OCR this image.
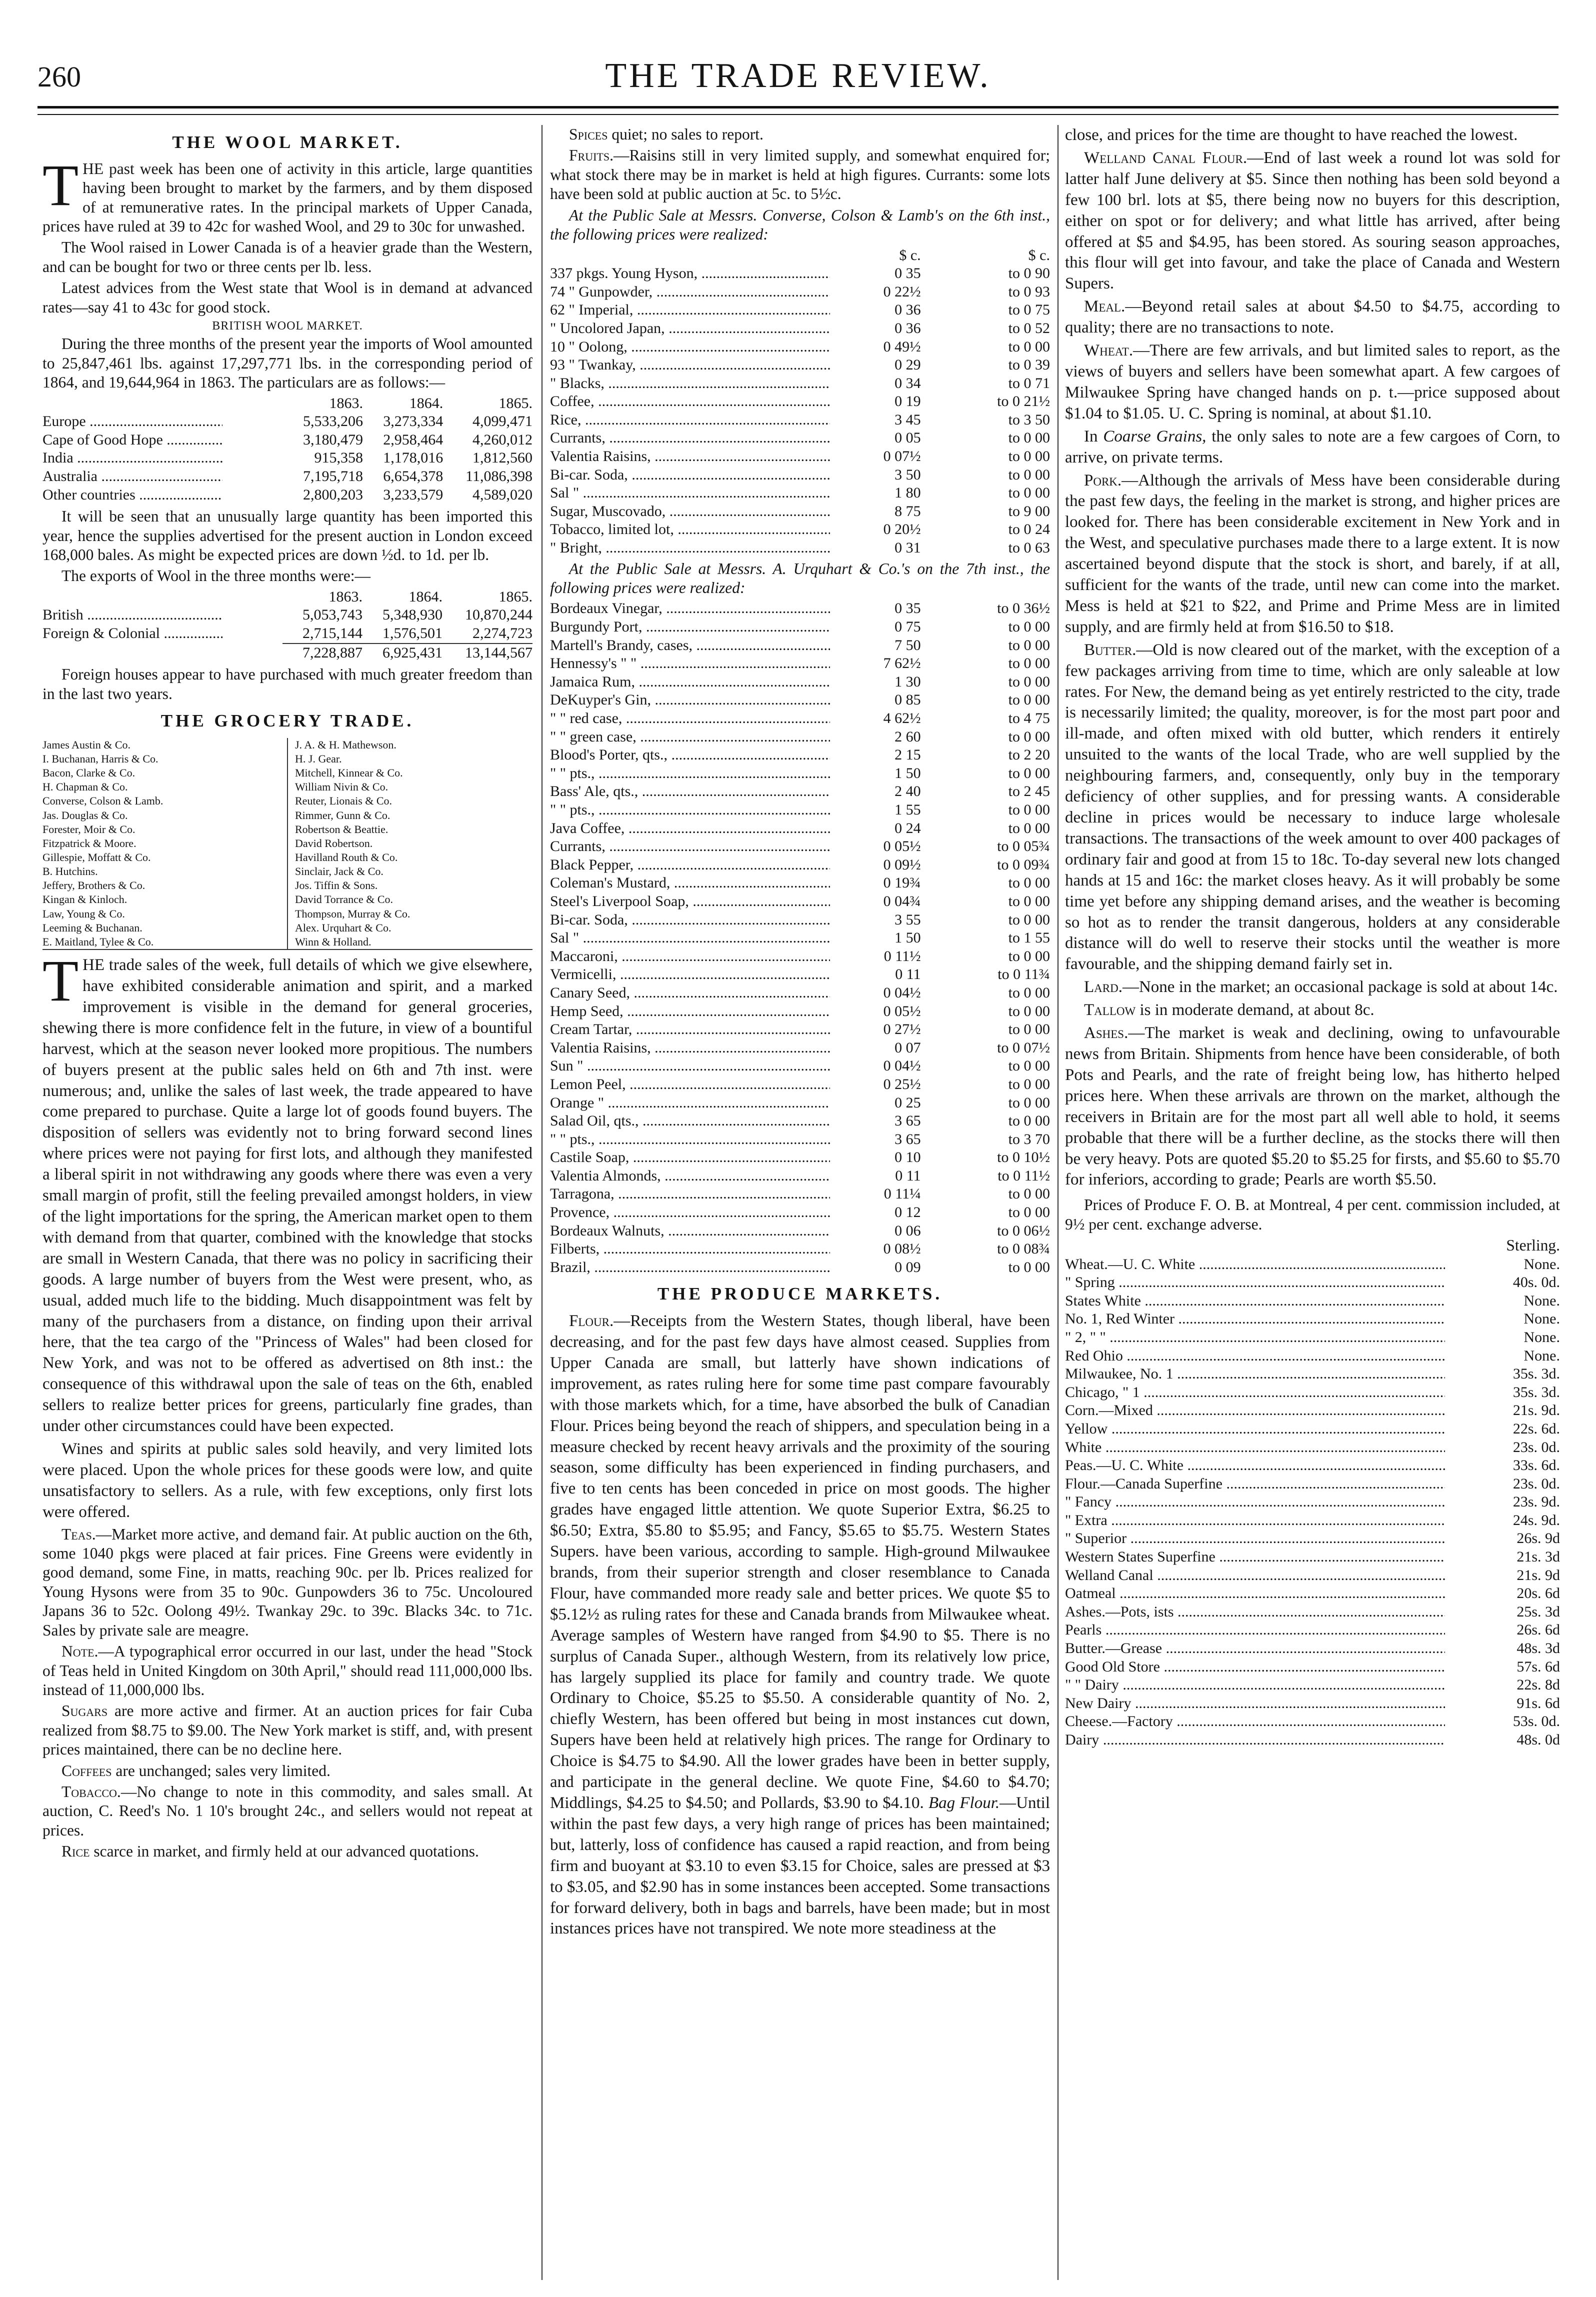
260	THE TRADE REVIEW.
THE WOOL MARKET.

THE past week has been one of activity in this article, large quantities having been brought to market by the farmers, and by them disposed of at remunerative rates. In the principal markets of Upper Canada, prices have ruled at 39 to 42c for washed Wool, and 29 to 30c for unwashed.

The Wool raised in Lower Canada is of a heavier grade than the Western, and can be bought for two or three cents per lb. less.

Latest advices from the West state that Wool is in demand at advanced rates—say 41 to 43c for good stock.

BRITISH WOOL MARKET.

During the three months of the present year the imports of Wool amounted to 25,847,461 lbs. against 17,297,771 lbs. in the corresponding period of 1864, and 19,644,964 in 1863. The particulars are as follows:—

	1863.	1864.	1865.

Europe .....	5,533,206	3,273,334	4,099,471

Cape of Good Hope .....	3,180,479	2,958,464	4,260,012

India .....	915,358	1,178,016	1,812,560

Australia .....	7,195,718	6,654,378	11,086,398

Other countries .....	2,800,203	3,233,579	4,589,020

It will be seen that an unusually large quantity has been imported this year, hence the supplies advertised for the present auction in London exceed 168,000 bales. As might be expected prices are down ½d. to 1d. per lb.

The exports of Wool in the three months were:—

	1863.	1864.	1865.

British .....	5,053,743	5,348,930	10,870,244

Foreign & Colonial .....	2,715,144	1,576,501	2,274,723
	7,228,887	6,925,431	13,144,567

Foreign houses appear to have purchased with much greater freedom than in the last two years.

THE GROCERY TRADE.
James Austin & Co.	J. A. & H. Mathewson.
I. Buchanan, Harris & Co.	H. J. Gear.
Bacon, Clarke & Co.	Mitchell, Kinnear & Co.
H. Chapman & Co.	William Nivin & Co.
Converse, Colson & Lamb.	Reuter, Lionais & Co.
Jas. Douglas & Co.	Rimmer, Gunn & Co.
Forester, Moir & Co.	Robertson & Beattie.
Fitzpatrick & Moore.	David Robertson.
Gillespie, Moffatt & Co.	Havilland Routh & Co.
B. Hutchins.	Sinclair, Jack & Co.
Jeffery, Brothers & Co.	Jos. Tiffin & Sons.
Kingan & Kinloch.	David Torrance & Co.
Law, Young & Co.	Thompson, Murray & Co.
Leeming & Buchanan.	Alex. Urquhart & Co.
E. Maitland, Tylee & Co.	Winn & Holland.

THE trade sales of the week, full details of which we give elsewhere, have exhibited considerable animation and spirit, and a marked improvement is visible in the demand for general groceries, shewing there is more confidence felt in the future, in view of a bountiful harvest, which at the season never looked more propitious. The numbers of buyers present at the public sales held on 6th and 7th inst. were numerous; and, unlike the sales of last week, the trade appeared to have come prepared to purchase. Quite a large lot of goods found buyers. The disposition of sellers was evidently not to bring forward second lines where prices were not paying for first lots, and although they manifested a liberal spirit in not withdrawing any goods where there was even a very small margin of profit, still the feeling prevailed amongst holders, in view of the light importations for the spring, the American market open to them with demand from that quarter, combined with the knowledge that stocks are small in Western Canada, that there was no policy in sacrificing their goods. A large number of buyers from the West were present, who, as usual, added much life to the bidding. Much disappointment was felt by many of the purchasers from a distance, on finding upon their arrival here, that the tea cargo of the "Princess of Wales" had been closed for New York, and was not to be offered as advertised on 8th inst.: the consequence of this withdrawal upon the sale of teas on the 6th, enabled sellers to realize better prices for greens, particularly fine grades, than under other circumstances could have been expected.

Wines and spirits at public sales sold heavily, and very limited lots were placed. Upon the whole prices for these goods were low, and quite unsatisfactory to sellers. As a rule, with few exceptions, only first lots were offered.

Teas.—Market more active, and demand fair. At public auction on the 6th, some 1040 pkgs were placed at fair prices. Fine Greens were evidently in good demand, some Fine, in matts, reaching 90c. per lb. Prices realized for Young Hysons were from 35 to 90c. Gunpowders 36 to 75c. Uncoloured Japans 36 to 52c. Oolong 49½. Twankay 29c. to 39c. Blacks 34c. to 71c. Sales by private sale are meagre.

Note.—A typographical error occurred in our last, under the head "Stock of Teas held in United Kingdom on 30th April," should read 111,000,000 lbs. instead of 11,000,000 lbs.

Sugars are more active and firmer. At an auction prices for fair Cuba realized from $8.75 to $9.00. The New York market is stiff, and, with present prices maintained, there can be no decline here.

Coffees are unchanged; sales very limited.

Tobacco.—No change to note in this commodity, and sales small. At auction, C. Reed's No. 1 10's brought 24c., and sellers would not repeat at prices.

Rice scarce in market, and firmly held at our advanced quotations.

Spices quiet; no sales to report.

Fruits.—Raisins still in very limited supply, and somewhat enquired for; what stock there may be in market is held at high figures. Currants: some lots have been sold at public auction at 5c. to 5½c.

At the Public Sale at Messrs. Converse, Colson & Lamb's on the 6th inst., the following prices were realized:

	$ c.	$ c.

337 pkgs. Young Hyson, .....	0 35	to 0 90

74 " Gunpowder, .....	0 22½	to 0 93

62 " Imperial, .....	0 36	to 0 75

" Uncolored Japan, .....	0 36	to 0 52

10 " Oolong, .....	0 49½	to 0 00

93 " Twankay, .....	0 29	to 0 39

" Blacks, .....	0 34	to 0 71

Coffee, .....	0 19	to 0 21½

Rice, .....	3 45	to 3 50

Currants, .....	0 05	to 0 00

Valentia Raisins, .....	0 07½	to 0 00

Bi-car. Soda, .....	3 50	to 0 00

Sal " .....	1 80	to 0 00

Sugar, Muscovado, .....	8 75	to 9 00

Tobacco, limited lot, .....	0 20½	to 0 24

" Bright, .....	0 31	to 0 63

At the Public Sale at Messrs. A. Urquhart & Co.'s on the 7th inst., the following prices were realized:

Bordeaux Vinegar, .....	0 35	to 0 36½

Burgundy Port, .....	0 75	to 0 00

Martell's Brandy, cases, .....	7 50	to 0 00

Hennessy's " " .....	7 62½	to 0 00

Jamaica Rum, .....	1 30	to 0 00

DeKuyper's Gin, .....	0 85	to 0 00

" " red case, .....	4 62½	to 4 75

" " green case, .....	2 60	to 0 00

Blood's Porter, qts., .....	2 15	to 2 20

" " pts., .....	1 50	to 0 00

Bass' Ale, qts., .....	2 40	to 2 45

" " pts., .....	1 55	to 0 00

Java Coffee, .....	0 24	to 0 00

Currants, .....	0 05½	to 0 05¾

Black Pepper, .....	0 09½	to 0 09¾

Coleman's Mustard, .....	0 19¾	to 0 00

Steel's Liverpool Soap, .....	0 04¾	to 0 00

Bi-car. Soda, .....	3 55	to 0 00

Sal " .....	1 50	to 1 55

Maccaroni, .....	0 11½	to 0 00

Vermicelli, .....	0 11	to 0 11¾

Canary Seed, .....	0 04½	to 0 00

Hemp Seed, .....	0 05½	to 0 00

Cream Tartar, .....	0 27½	to 0 00

Valentia Raisins, .....	0 07	to 0 07½

Sun " .....	0 04½	to 0 00

Lemon Peel, .....	0 25½	to 0 00

Orange " .....	0 25	to 0 00

Salad Oil, qts., .....	3 65	to 0 00

" " pts., .....	3 65	to 3 70

Castile Soap, .....	0 10	to 0 10½

Valentia Almonds, .....	0 11	to 0 11½

Tarragona, .....	0 11¼	to 0 00

Provence, .....	0 12	to 0 00

Bordeaux Walnuts, .....	0 06	to 0 06½

Filberts, .....	0 08½	to 0 08¾

Brazil, .....	0 09	to 0 00
THE PRODUCE MARKETS.

Flour.—Receipts from the Western States, though liberal, have been decreasing, and for the past few days have almost ceased. Supplies from Upper Canada are small, but latterly have shown indications of improvement, as rates ruling here for some time past compare favourably with those markets which, for a time, have absorbed the bulk of Canadian Flour. Prices being beyond the reach of shippers, and speculation being in a measure checked by recent heavy arrivals and the proximity of the souring season, some difficulty has been experienced in finding purchasers, and five to ten cents has been conceded in price on most goods. The higher grades have engaged little attention. We quote Superior Extra, $6.25 to $6.50; Extra, $5.80 to $5.95; and Fancy, $5.65 to $5.75. Western States Supers. have been various, according to sample. High-ground Milwaukee brands, from their superior strength and closer resemblance to Canada Flour, have commanded more ready sale and better prices. We quote $5 to $5.12½ as ruling rates for these and Canada brands from Milwaukee wheat. Average samples of Western have ranged from $4.90 to $5. There is no surplus of Canada Super., although Western, from its relatively low price, has largely supplied its place for family and country trade. We quote Ordinary to Choice, $5.25 to $5.50. A considerable quantity of No. 2, chiefly Western, has been offered but being in most instances cut down, Supers have been held at relatively high prices. The range for Ordinary to Choice is $4.75 to $4.90. All the lower grades have been in better supply, and participate in the general decline. We quote Fine, $4.60 to $4.70; Middlings, $4.25 to $4.50; and Pollards, $3.90 to $4.10. Bag Flour.—Until within the past few days, a very high range of prices has been maintained; but, latterly, loss of confidence has caused a rapid reaction, and from being firm and buoyant at $3.10 to even $3.15 for Choice, sales are pressed at $3 to $3.05, and $2.90 has in some instances been accepted. Some transactions for forward delivery, both in bags and barrels, have been made; but in most instances prices have not transpired. We note more steadiness at the

close, and prices for the time are thought to have reached the lowest.

Welland Canal Flour.—End of last week a round lot was sold for latter half June delivery at $5. Since then nothing has been sold beyond a few 100 brl. lots at $5, there being now no buyers for this description, either on spot or for delivery; and what little has arrived, after being offered at $5 and $4.95, has been stored. As souring season approaches, this flour will get into favour, and take the place of Canada and Western Supers.

Meal.—Beyond retail sales at about $4.50 to $4.75, according to quality; there are no transactions to note.

Wheat.—There are few arrivals, and but limited sales to report, as the views of buyers and sellers have been somewhat apart. A few cargoes of Milwaukee Spring have changed hands on p. t.—price supposed about $1.04 to $1.05. U. C. Spring is nominal, at about $1.10.

In Coarse Grains, the only sales to note are a few cargoes of Corn, to arrive, on private terms.

Pork.—Although the arrivals of Mess have been considerable during the past few days, the feeling in the market is strong, and higher prices are looked for. There has been considerable excitement in New York and in the West, and speculative purchases made there to a large extent. It is now ascertained beyond dispute that the stock is short, and barely, if at all, sufficient for the wants of the trade, until new can come into the market. Mess is held at $21 to $22, and Prime and Prime Mess are in limited supply, and are firmly held at from $16.50 to $18.

Butter.—Old is now cleared out of the market, with the exception of a few packages arriving from time to time, which are only saleable at low rates. For New, the demand being as yet entirely restricted to the city, trade is necessarily limited; the quality, moreover, is for the most part poor and ill-made, and often mixed with old butter, which renders it entirely unsuited to the wants of the local Trade, who are well supplied by the neighbouring farmers, and, consequently, only buy in the temporary deficiency of other supplies, and for pressing wants. A considerable decline in prices would be necessary to induce large wholesale transactions. The transactions of the week amount to over 400 packages of ordinary fair and good at from 15 to 18c. To-day several new lots changed hands at 15 and 16c: the market closes heavy. As it will probably be some time yet before any shipping demand arises, and the weather is becoming so hot as to render the transit dangerous, holders at any considerable distance will do well to reserve their stocks until the weather is more favourable, and the shipping demand fairly set in.

Lard.—None in the market; an occasional package is sold at about 14c.

Tallow is in moderate demand, at about 8c.

Ashes.—The market is weak and declining, owing to unfavourable news from Britain. Shipments from hence have been considerable, of both Pots and Pearls, and the rate of freight being low, has hitherto helped prices here. When these arrivals are thrown on the market, although the receivers in Britain are for the most part all well able to hold, it seems probable that there will be a further decline, as the stocks there will then be very heavy. Pots are quoted $5.20 to $5.25 for firsts, and $5.60 to $5.70 for inferiors, according to grade; Pearls are worth $5.50.

Prices of Produce F. O. B. at Montreal, 4 per cent. commission included, at 9½ per cent. exchange adverse.

Sterling.
Wheat.—U. C. White .....	None.

" Spring .....	40s. 0d.

States White .....	None.

No. 1, Red Winter .....	None.

" 2, " " .....	None.

Red Ohio .....	None.

Milwaukee, No. 1 .....	35s. 3d.

Chicago, " 1 .....	35s. 3d.

Corn.—Mixed .....	21s. 9d.

Yellow .....	22s. 6d.

White .....	23s. 0d.

Peas.—U. C. White .....	33s. 6d.

Flour.—Canada Superfine .....	23s. 0d.

" Fancy .....	23s. 9d.

" Extra .....	24s. 9d.

" Superior .....	26s. 9d

Western States Superfine .....	21s. 3d

Welland Canal .....	21s. 9d

Oatmeal .....	20s. 6d

Ashes.—Pots, ists .....	25s. 3d

Pearls .....	26s. 6d

Butter.—Grease .....	48s. 3d

Good Old Store .....	57s. 6d

" " Dairy .....	22s. 8d

New Dairy .....	91s. 6d

Cheese.—Factory .....	53s. 0d.

Dairy .....	48s. 0d
